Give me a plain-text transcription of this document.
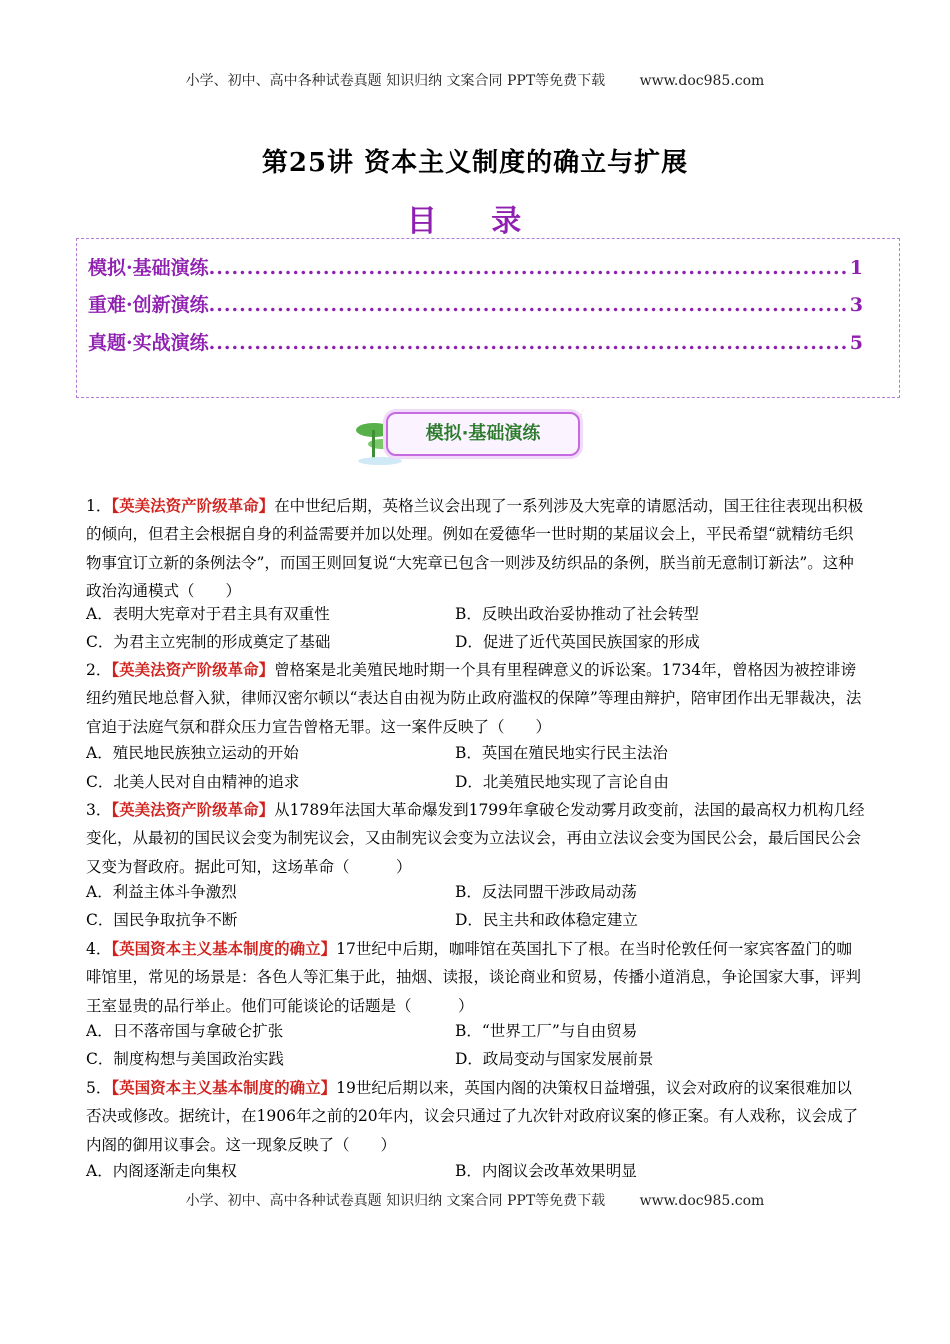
小学、初中、高中各种试卷真题 知识归纳 文案合同 PPT等免费下载 www.doc985.com
第25讲 资本主义制度的确立与扩展
目 录
模拟·基础演练 .....	1
重难·创新演练 .....	3
真题·实战演练 .....	5
模拟·基础演练
1．【英美法资产阶级革命】在中世纪后期，英格兰议会出现了一系列涉及大宪章的请愿活动，国王往往表现出积极的倾向，但君主会根据自身的利益需要并加以处理。例如在爱德华一世时期的某届议会上，平民希望“就精纺毛织物事宜订立新的条例法令”，而国王则回复说“大宪章已包含一则涉及纺织品的条例，朕当前无意制订新法”。这种政治沟通模式（　　）
A．表明大宪章对于君主具有双重性	B．反映出政治妥协推动了社会转型
C．为君主立宪制的形成奠定了基础	D．促进了近代英国民族国家的形成
2．【英美法资产阶级革命】曾格案是北美殖民地时期一个具有里程碑意义的诉讼案。1734年，曾格因为被控诽谤纽约殖民地总督入狱，律师汉密尔顿以“表达自由视为防止政府滥权的保障”等理由辩护，陪审团作出无罪裁决，法官迫于法庭气氛和群众压力宣告曾格无罪。这一案件反映了（　　）
A．殖民地民族独立运动的开始	B．英国在殖民地实行民主法治
C．北美人民对自由精神的追求	D．北美殖民地实现了言论自由
3．【英美法资产阶级革命】从1789年法国大革命爆发到1799年拿破仑发动雾月政变前，法国的最高权力机构几经变化，从最初的国民议会变为制宪议会，又由制宪议会变为立法议会，再由立法议会变为国民公会，最后国民公会又变为督政府。据此可知，这场革命（　　　）
A．利益主体斗争激烈	B．反法同盟干涉政局动荡
C．国民争取抗争不断	D．民主共和政体稳定建立
4．【英国资本主义基本制度的确立】17世纪中后期，咖啡馆在英国扎下了根。在当时伦敦任何一家宾客盈门的咖啡馆里，常见的场景是：各色人等汇集于此，抽烟、读报，谈论商业和贸易，传播小道消息，争论国家大事，评判王室显贵的品行举止。他们可能谈论的话题是（　　　）
A．日不落帝国与拿破仑扩张	B．“世界工厂”与自由贸易
C．制度构想与美国政治实践	D．政局变动与国家发展前景
5．【英国资本主义基本制度的确立】19世纪后期以来，英国内阁的决策权日益增强，议会对政府的议案很难加以否决或修改。据统计，在1906年之前的20年内，议会只通过了九次针对政府议案的修正案。有人戏称，议会成了内阁的御用议事会。这一现象反映了（　　）
A．内阁逐渐走向集权	B．内阁议会改革效果明显
小学、初中、高中各种试卷真题 知识归纳 文案合同 PPT等免费下载 www.doc985.com
